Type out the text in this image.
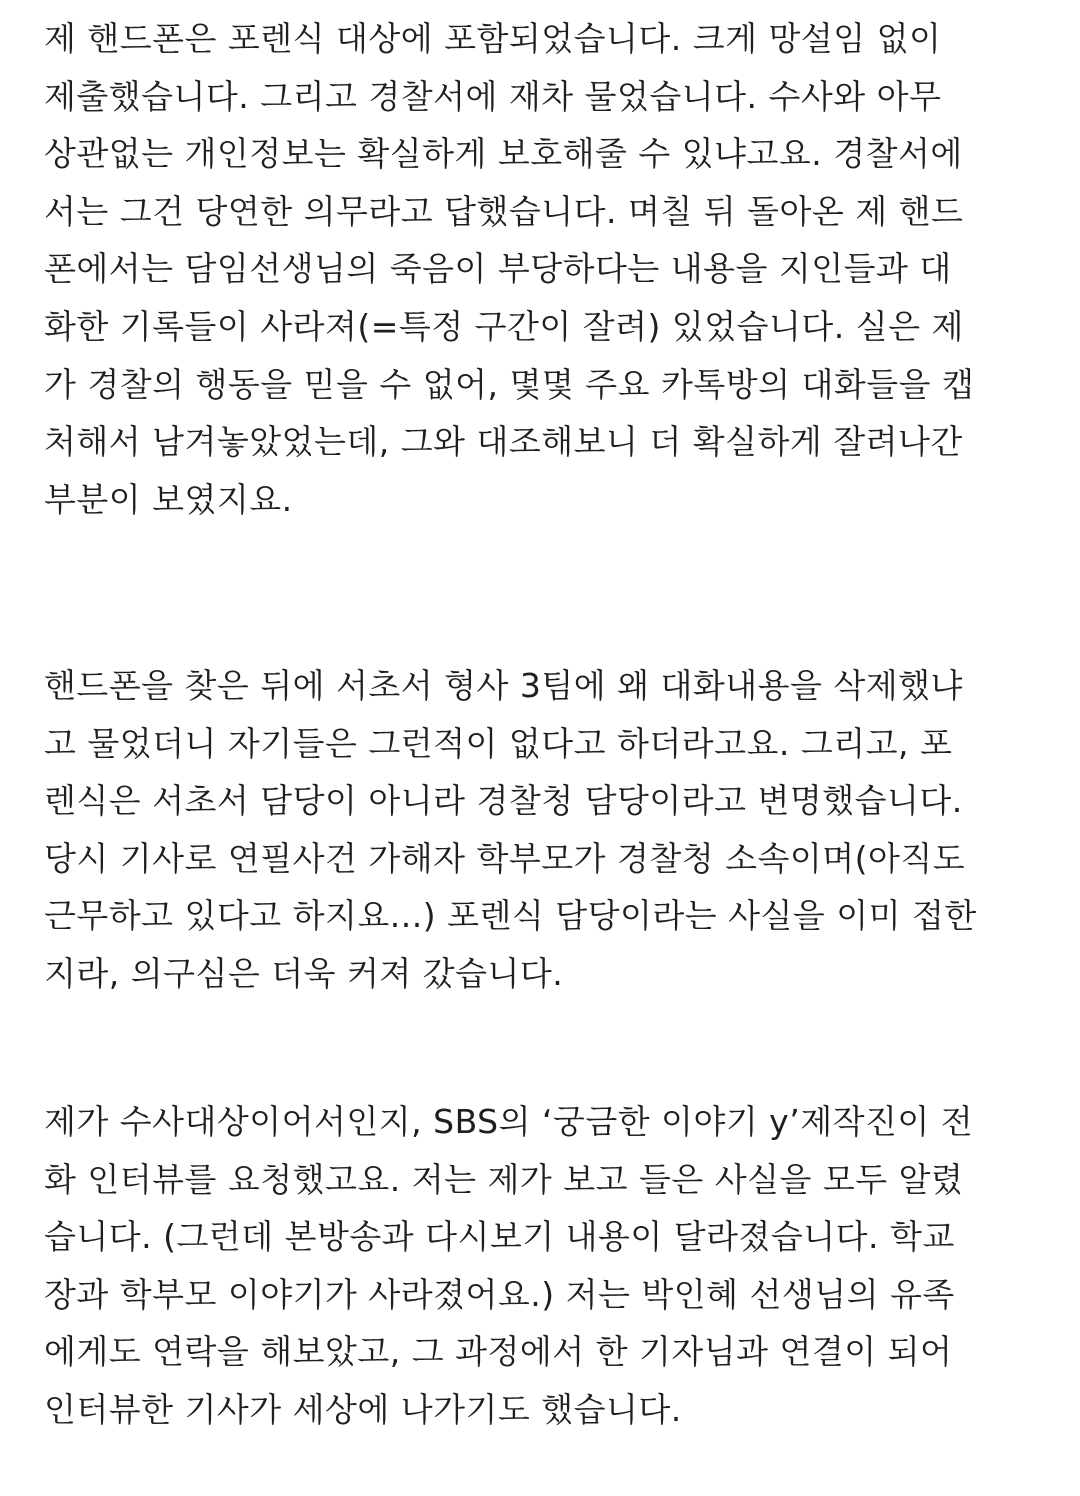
제 핸드폰은 포렌식 대상에 포함되었습니다. 크게 망설임 없이
제출했습니다. 그리고 경찰서에 재차 물었습니다. 수사와 아무
상관없는 개인정보는 확실하게 보호해줄 수 있냐고요. 경찰서에
서는 그건 당연한 의무라고 답했습니다. 며칠 뒤 돌아온 제 핸드
폰에서는 담임선생님의 죽음이 부당하다는 내용을 지인들과 대
화한 기록들이 사라져(=특정 구간이 잘려) 있었습니다. 실은 제
가 경찰의 행동을 믿을 수 없어, 몇몇 주요 카톡방의 대화들을 캡
처해서 남겨놓았었는데, 그와 대조해보니 더 확실하게 잘려나간
부분이 보였지요.
핸드폰을 찾은 뒤에 서초서 형사 3팀에 왜 대화내용을 삭제했냐
고 물었더니 자기들은 그런적이 없다고 하더라고요. 그리고, 포
렌식은 서초서 담당이 아니라 경찰청 담당이라고 변명했습니다.
당시 기사로 연필사건 가해자 학부모가 경찰청 소속이며(아직도
근무하고 있다고 하지요...) 포렌식 담당이라는 사실을 이미 접한
지라, 의구심은 더욱 커져 갔습니다.
제가 수사대상이어서인지, SBS의 ‘궁금한 이야기 y’제작진이 전
화 인터뷰를 요청했고요. 저는 제가 보고 들은 사실을 모두 알렸
습니다. (그런데 본방송과 다시보기 내용이 달라졌습니다. 학교
장과 학부모 이야기가 사라졌어요.) 저는 박인혜 선생님의 유족
에게도 연락을 해보았고, 그 과정에서 한 기자님과 연결이 되어
인터뷰한 기사가 세상에 나가기도 했습니다.
